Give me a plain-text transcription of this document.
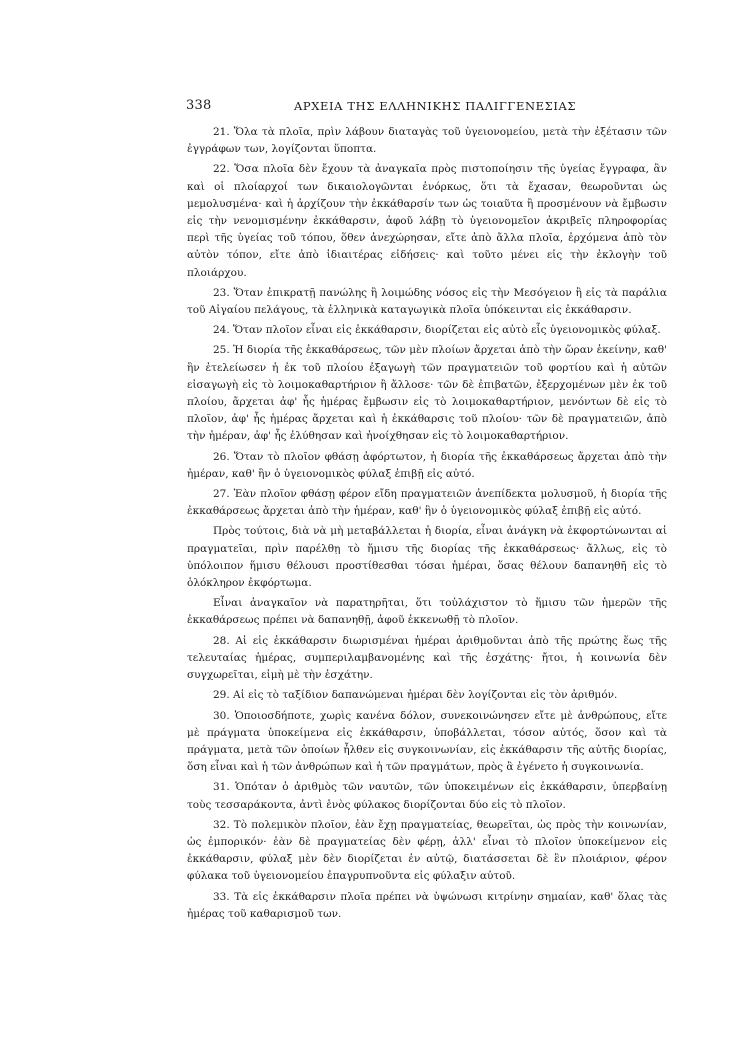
338	ΑΡΧΕΙΑ ΤΗΣ ΕΛΛΗΝΙΚΗΣ ΠΑΛΙΓΓΕΝΕΣΙΑΣ

21. Ὅλα τὰ πλοῖα, πρὶν λάβουν διαταγὰς τοῦ ὑγειονομείου, μετὰ τὴν ἐξέτασιν τῶν ἐγγράφων των, λογίζονται ὕποπτα.

22. Ὅσα πλοῖα δὲν ἔχουν τὰ ἀναγκαῖα πρὸς πιστοποίησιν τῆς ὑγείας ἔγγραφα, ἂν καὶ οἱ πλοίαρχοί των δικαιολογῶνται ἐνόρκως, ὅτι τὰ ἔχασαν, θεωροῦνται ὡς μεμολυσμένα· καὶ ἡ ἀρχίζουν τὴν ἐκκάθαρσίν των ὡς τοιαῦτα ἢ προσμένουν νὰ ἔμβωσιν εἰς τὴν νενομισμένην ἐκκάθαρσιν, ἀφοῦ λάβῃ τὸ ὑγειονομεῖον ἀκριβεῖς πληροφορίας περὶ τῆς ὑγείας τοῦ τόπου, ὅθεν ἀνεχώρησαν, εἴτε ἀπὸ ἄλλα πλοῖα, ἐρχόμενα ἀπὸ τὸν αὐτὸν τόπον, εἴτε ἀπὸ ἰδιαιτέρας εἰδήσεις· καὶ τοῦτο μένει εἰς τὴν ἐκλογὴν τοῦ πλοιάρχου.

23. Ὅταν ἐπικρατῇ πανώλης ἢ λοιμώδης νόσος εἰς τὴν Μεσόγειον ἢ εἰς τὰ παράλια τοῦ Αἰγαίου πελάγους, τὰ ἑλληνικὰ καταγωγικὰ πλοῖα ὑπόκεινται εἰς ἐκκάθαρσιν.

24. Ὅταν πλοῖον εἶναι εἰς ἐκκάθαρσιν, διορίζεται εἰς αὐτὸ εἷς ὑγειονομικὸς φύλαξ.

25. Ἡ διορία τῆς ἐκκαθάρσεως, τῶν μὲν πλοίων ἄρχεται ἀπὸ τὴν ὥραν ἐκείνην, καθ' ἣν ἐτελείωσεν ἡ ἐκ τοῦ πλοίου ἐξαγωγὴ τῶν πραγματειῶν τοῦ φορτίου καὶ ἡ αὐτῶν εἰσαγωγὴ εἰς τὸ λοιμοκαθαρτήριον ἢ ἄλλοσε· τῶν δὲ ἐπιβατῶν, ἐξερχομένων μὲν ἐκ τοῦ πλοίου, ἄρχεται ἀφ' ἧς ἡμέρας ἔμβωσιν εἰς τὸ λοιμοκαθαρτήριον, μενόντων δὲ εἰς τὸ πλοῖον, ἀφ' ἧς ἡμέρας ἄρχεται καὶ ἡ ἐκκάθαρσις τοῦ πλοίου· τῶν δὲ πραγματειῶν, ἀπὸ τὴν ἡμέραν, ἀφ' ἧς ἐλύθησαν καὶ ἠνοίχθησαν εἰς τὸ λοιμοκαθαρτήριον.

26. Ὅταν τὸ πλοῖον φθάσῃ ἀφόρτωτον, ἡ διορία τῆς ἐκκαθάρσεως ἄρχεται ἀπὸ τὴν ἡμέραν, καθ' ἣν ὁ ὑγειονομικὸς φύλαξ ἐπιβῇ εἰς αὐτό.

27. Ἐὰν πλοῖον φθάσῃ φέρον εἴδη πραγματειῶν ἀνεπίδεκτα μολυσμοῦ, ἡ διορία τῆς ἐκκαθάρσεως ἄρχεται ἀπὸ τὴν ἡμέραν, καθ' ἣν ὁ ὑγειονομικὸς φύλαξ ἐπιβῇ εἰς αὐτό.

Πρὸς τούτοις, διὰ νὰ μὴ μεταβάλλεται ἡ διορία, εἶναι ἀνάγκη νὰ ἐκφορτώνωνται αἱ πραγματεῖαι, πρὶν παρέλθῃ τὸ ἥμισυ τῆς διορίας τῆς ἐκκαθάρσεως· ἄλλως, εἰς τὸ ὑπόλοιπον ἥμισυ θέλουσι προστίθεσθαι τόσαι ἡμέραι, ὅσας θέλουν δαπανηθῆ εἰς τὸ ὁλόκληρον ἐκφόρτωμα.

Εἶναι ἀναγκαῖον νὰ παρατηρῆται, ὅτι τοὐλάχιστον τὸ ἥμισυ τῶν ἡμερῶν τῆς ἐκκαθάρσεως πρέπει νὰ δαπανηθῇ, ἀφοῦ ἐκκενωθῇ τὸ πλοῖον.

28. Αἱ εἰς ἐκκάθαρσιν διωρισμέναι ἡμέραι ἀριθμοῦνται ἀπὸ τῆς πρώτης ἕως τῆς τελευταίας ἡμέρας, συμπεριλαμβανομένης καὶ τῆς ἐσχάτης· ἤτοι, ἡ κοινωνία δὲν συγχωρεῖται, εἰμὴ μὲ τὴν ἐσχάτην.

29. Αἱ εἰς τὸ ταξίδιον δαπανώμεναι ἡμέραι δὲν λογίζονται εἰς τὸν ἀριθμόν.

30. Ὁποιοσδήποτε, χωρὶς κανένα δόλον, συνεκοινώνησεν εἴτε μὲ ἀνθρώπους, εἴτε μὲ πράγματα ὑποκείμενα εἰς ἐκκάθαρσιν, ὑποβάλλεται, τόσον αὐτός, ὅσον καὶ τὰ πράγματα, μετὰ τῶν ὁποίων ἦλθεν εἰς συγκοινωνίαν, εἰς ἐκκάθαρσιν τῆς αὐτῆς διορίας, ὅση εἶναι καὶ ἡ τῶν ἀνθρώπων καὶ ἡ τῶν πραγμάτων, πρὸς ἃ ἐγένετο ἡ συγκοινωνία.

31. Ὁπόταν ὁ ἀριθμὸς τῶν ναυτῶν, τῶν ὑποκειμένων εἰς ἐκκάθαρσιν, ὑπερβαίνῃ τοὺς τεσσαράκοντα, ἀντὶ ἑνὸς φύλακος διορίζονται δύο εἰς τὸ πλοῖον.

32. Τὸ πολεμικὸν πλοῖον, ἐὰν ἔχῃ πραγματείας, θεωρεῖται, ὡς πρὸς τὴν κοινωνίαν, ὡς ἐμπορικόν· ἐὰν δὲ πραγματείας δὲν φέρῃ, ἀλλ' εἶναι τὸ πλοῖον ὑποκείμενον εἰς ἐκκάθαρσιν, φύλαξ μὲν δὲν διορίζεται ἐν αὐτῷ, διατάσσεται δὲ ἓν πλοιάριον, φέρον φύλακα τοῦ ὑγειονομείου ἐπαγρυπνοῦντα εἰς φύλαξιν αὐτοῦ.

33. Τὰ εἰς ἐκκάθαρσιν πλοῖα πρέπει νὰ ὑψώνωσι κιτρίνην σημαίαν, καθ' ὅλας τὰς ἡμέρας τοῦ καθαρισμοῦ των.
